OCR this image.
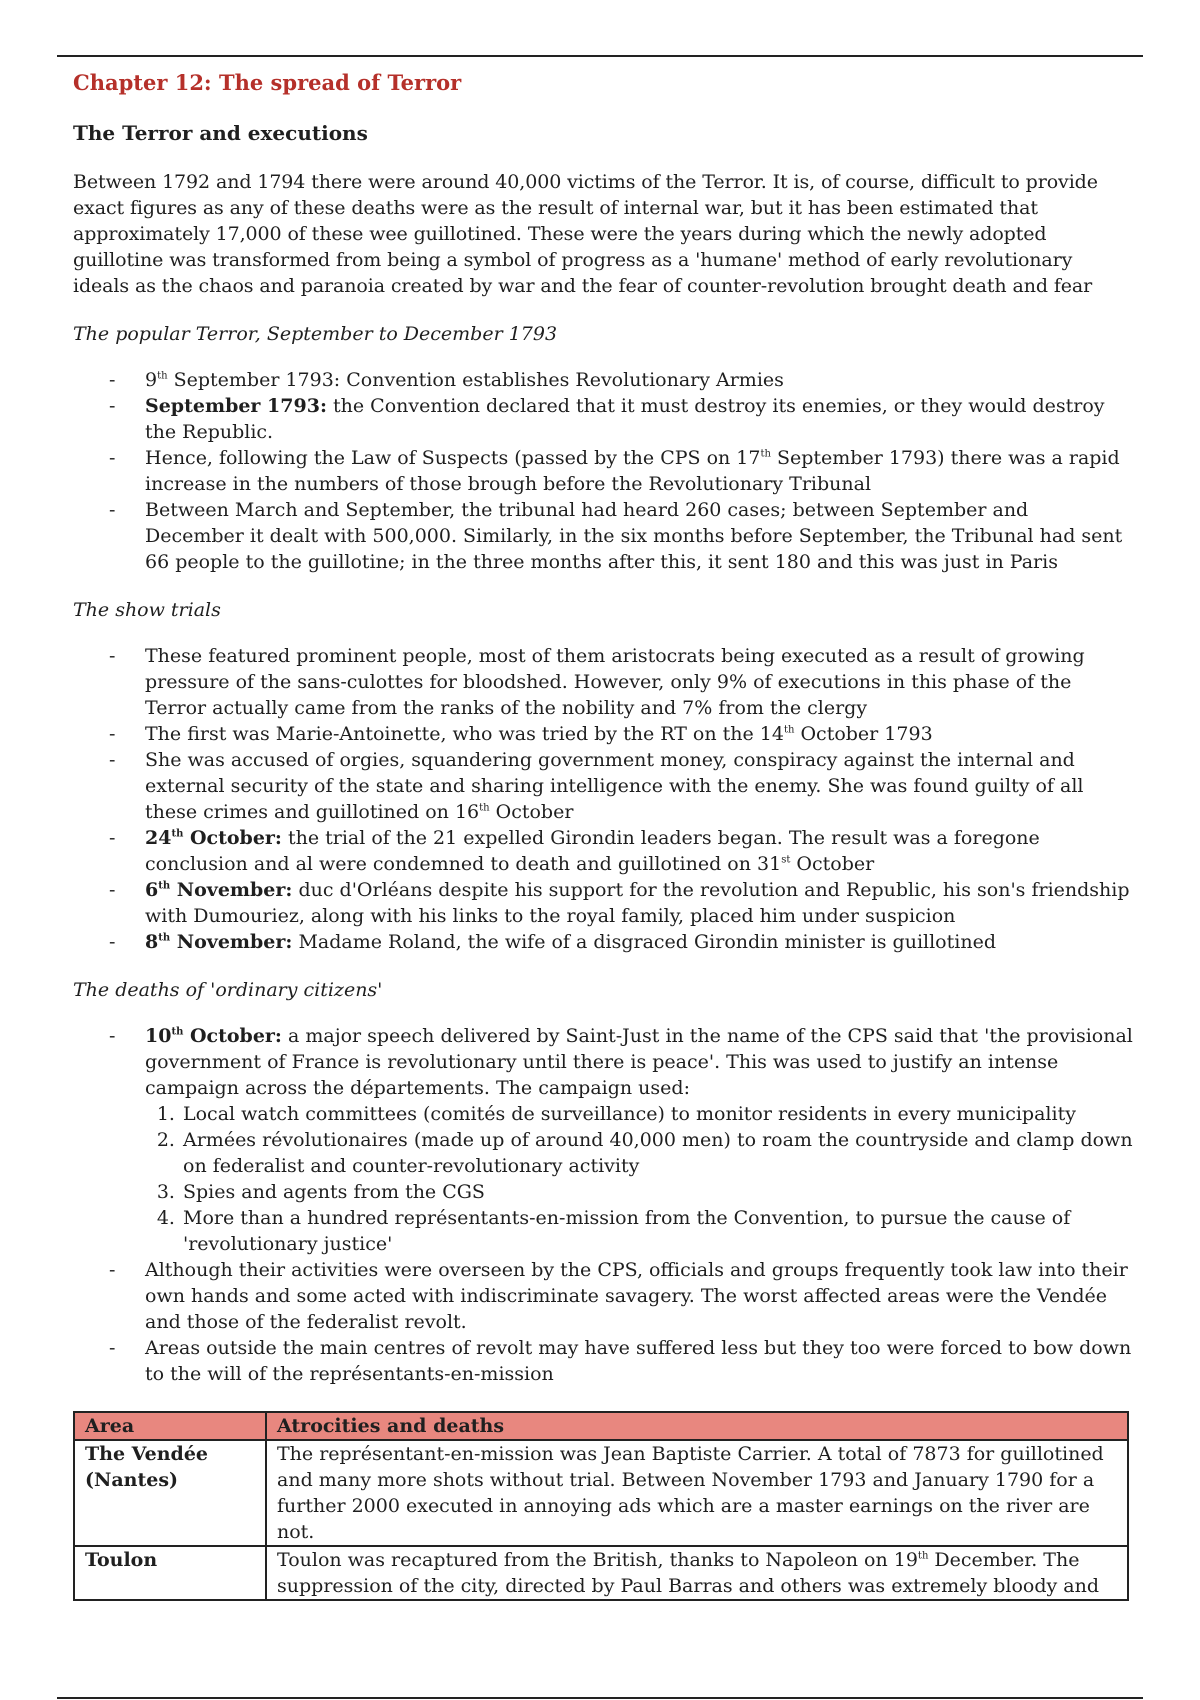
Chapter 12: The spread of Terror
The Terror and executions

Between 1792 and 1794 there were around 40,000 victims of the Terror. It is, of course, difficult to provide exact figures as any of these deaths were as the result of internal war, but it has been estimated that approximately 17,000 of these wee guillotined. These were the years during which the newly adopted guillotine was transformed from being a symbol of progress as a 'humane' method of early revolutionary ideals as the chaos and paranoia created by war and the fear of counter-revolution brought death and fear

The popular Terror, September to December 1793
- 9th September 1793: Convention establishes Revolutionary Armies
- September 1793: the Convention declared that it must destroy its enemies, or they would destroy the Republic.
- Hence, following the Law of Suspects (passed by the CPS on 17th September 1793) there was a rapid increase in the numbers of those brough before the Revolutionary Tribunal
- Between March and September, the tribunal had heard 260 cases; between September and December it dealt with 500,000. Similarly, in the six months before September, the Tribunal had sent 66 people to the guillotine; in the three months after this, it sent 180 and this was just in Paris
The show trials
- These featured prominent people, most of them aristocrats being executed as a result of growing pressure of the sans-culottes for bloodshed. However, only 9% of executions in this phase of the Terror actually came from the ranks of the nobility and 7% from the clergy
- The first was Marie-Antoinette, who was tried by the RT on the 14th October 1793
- She was accused of orgies, squandering government money, conspiracy against the internal and external security of the state and sharing intelligence with the enemy. She was found guilty of all these crimes and guillotined on 16th October
- 24th October: the trial of the 21 expelled Girondin leaders began. The result was a foregone conclusion and al were condemned to death and guillotined on 31st October
- 6th November: duc d'Orléans despite his support for the revolution and Republic, his son's friendship with Dumouriez, along with his links to the royal family, placed him under suspicion
- 8th November: Madame Roland, the wife of a disgraced Girondin minister is guillotined
The deaths of 'ordinary citizens'
- 10th October: a major speech delivered by Saint-Just in the name of the CPS said that 'the provisional government of France is revolutionary until there is peace'. This was used to justify an intense campaign across the départements. The campaign used:
1. Local watch committees (comités de surveillance) to monitor residents in every municipality
2. Armées révolutionaires (made up of around 40,000 men) to roam the countryside and clamp down on federalist and counter-revolutionary activity
3. Spies and agents from the CGS
4. More than a hundred représentants-en-mission from the Convention, to pursue the cause of 'revolutionary justice'
- Although their activities were overseen by the CPS, officials and groups frequently took law into their own hands and some acted with indiscriminate savagery. The worst affected areas were the Vendée and those of the federalist revolt.
- Areas outside the main centres of revolt may have suffered less but they too were forced to bow down to the will of the représentants-en-mission
Area	Atrocities and deaths
The Vendée (Nantes)	The représentant-en-mission was Jean Baptiste Carrier. A total of 7873 for guillotined and many more shots without trial. Between November 1793 and January 1790 for a further 2000 executed in annoying ads which are a master earnings on the river are not.
Toulon	Toulon was recaptured from the British, thanks to Napoleon on 19th December. The suppression of the city, directed by Paul Barras and others was extremely bloody and
